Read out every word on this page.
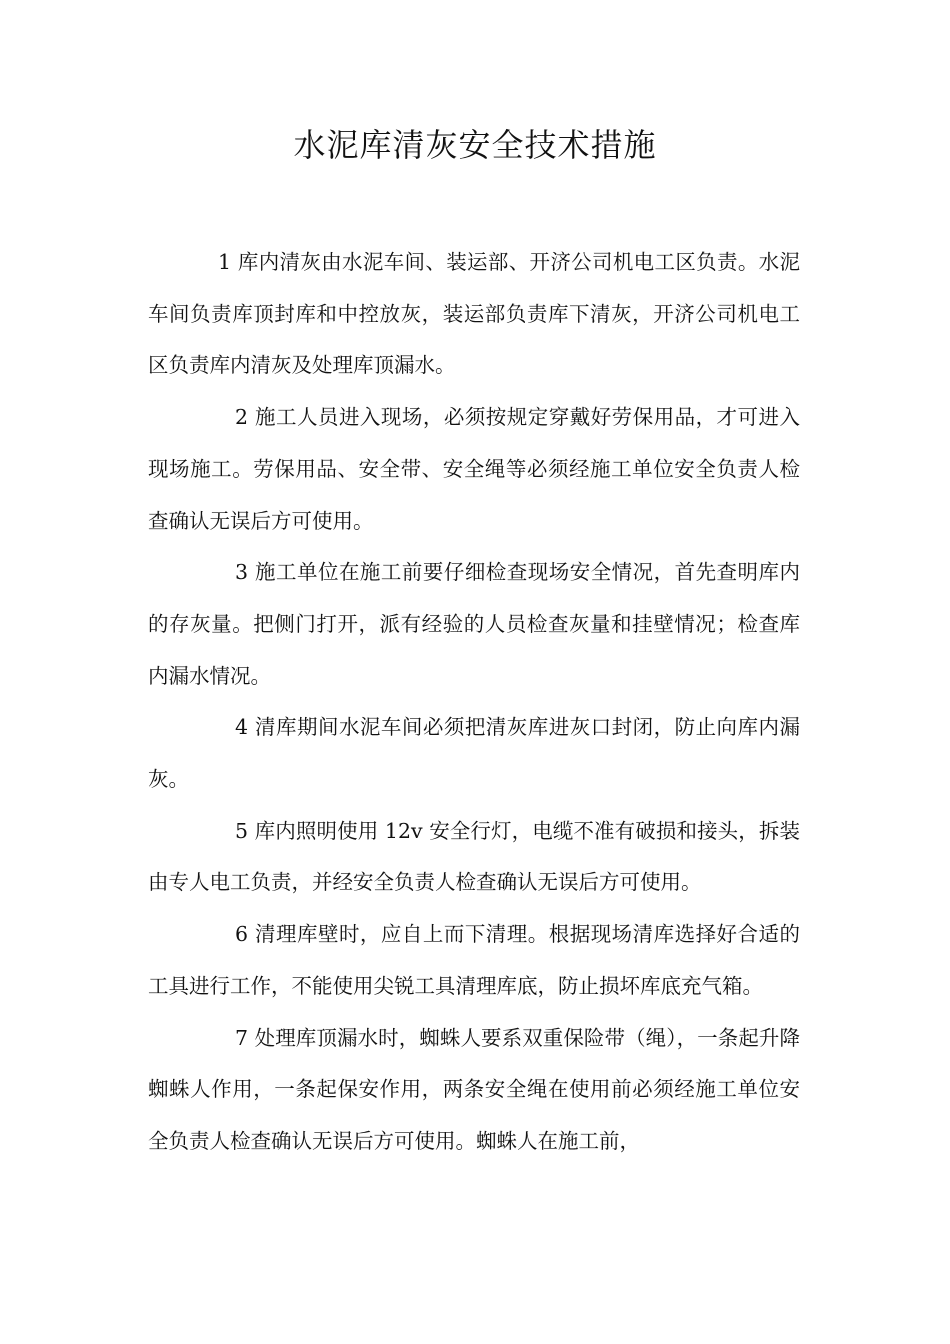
水泥库清灰安全技术措施

1 库内清灰由水泥车间、装运部、开济公司机电工区负责。水泥车间负责库顶封库和中控放灰，装运部负责库下清灰，开济公司机电工区负责库内清灰及处理库顶漏水。

2 施工人员进入现场，必须按规定穿戴好劳保用品，才可进入现场施工。劳保用品、安全带、安全绳等必须经施工单位安全负责人检查确认无误后方可使用。

3 施工单位在施工前要仔细检查现场安全情况，首先查明库内的存灰量。把侧门打开，派有经验的人员检查灰量和挂壁情况；检查库内漏水情况。

4 清库期间水泥车间必须把清灰库进灰口封闭，防止向库内漏灰。

5 库内照明使用 12v 安全行灯，电缆不准有破损和接头，拆装由专人电工负责，并经安全负责人检查确认无误后方可使用。

6 清理库壁时，应自上而下清理。根据现场清库选择好合适的工具进行工作，不能使用尖锐工具清理库底，防止损坏库底充气箱。

7 处理库顶漏水时，蜘蛛人要系双重保险带（绳），一条起升降蜘蛛人作用，一条起保安作用，两条安全绳在使用前必须经施工单位安全负责人检查确认无误后方可使用。蜘蛛人在施工前，
